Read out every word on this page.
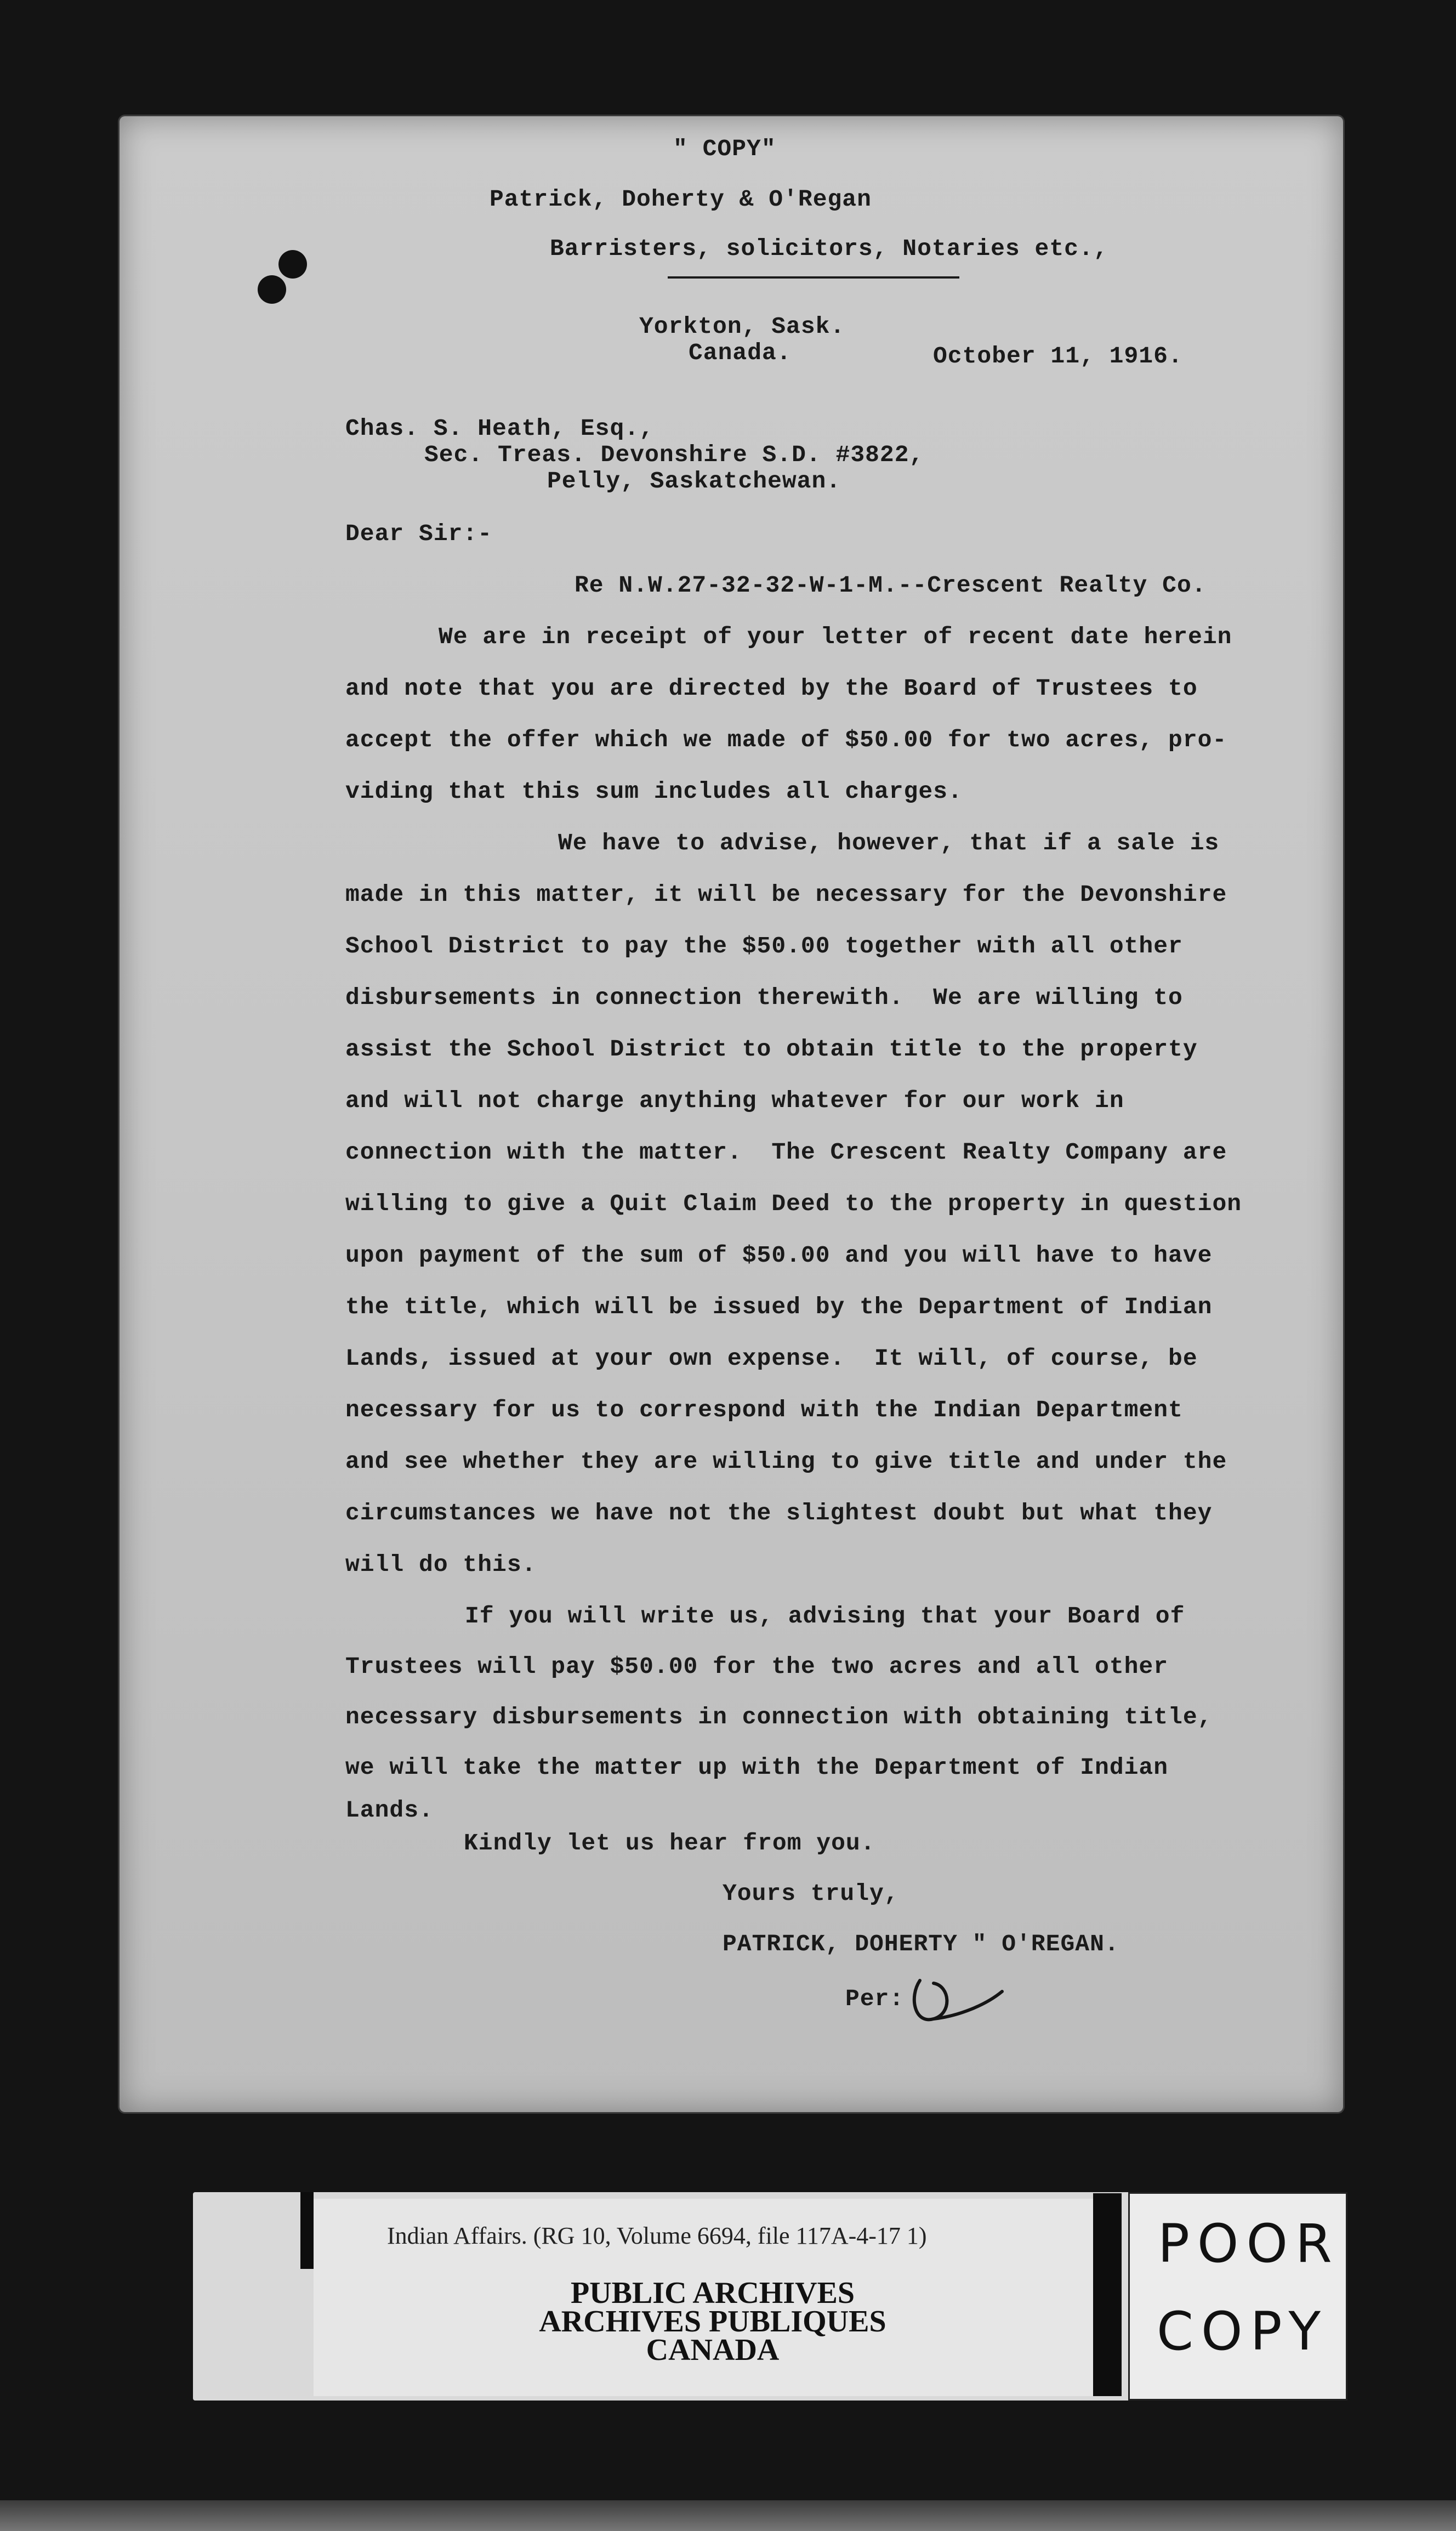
" COPY"
Patrick, Doherty & O'Regan
Barristers, solicitors, Notaries etc.,
Yorkton, Sask.
Canada.	October 11, 1916.
Chas. S. Heath, Esq.,
Sec. Treas. Devonshire S.D. #3822,
Pelly, Saskatchewan.
Dear Sir:-
Re N.W.27-32-32-W-1-M.--Crescent Realty Co.
We are in receipt of your letter of recent date herein
and note that you are directed by the Board of Trustees to
accept the offer which we made of $50.00 for two acres, pro-
viding that this sum includes all charges.
We have to advise, however, that if a sale is
made in this matter, it will be necessary for the Devonshire
School District to pay the $50.00 together with all other
disbursements in connection therewith.  We are willing to
assist the School District to obtain title to the property
and will not charge anything whatever for our work in
connection with the matter.  The Crescent Realty Company are
willing to give a Quit Claim Deed to the property in question
upon payment of the sum of $50.00 and you will have to have
the title, which will be issued by the Department of Indian
Lands, issued at your own expense.  It will, of course, be
necessary for us to correspond with the Indian Department
and see whether they are willing to give title and under the
circumstances we have not the slightest doubt but what they
will do this.
If you will write us, advising that your Board of
Trustees will pay $50.00 for the two acres and all other
necessary disbursements in connection with obtaining title,
we will take the matter up with the Department of Indian
Lands.
Kindly let us hear from you.
Yours truly,
PATRICK, DOHERTY " O'REGAN.
Per:
Indian Affairs. (RG 10, Volume 6694, file 117A-4-17 1)
PUBLIC ARCHIVES
ARCHIVES PUBLIQUES
CANADA
POOR
COPY
